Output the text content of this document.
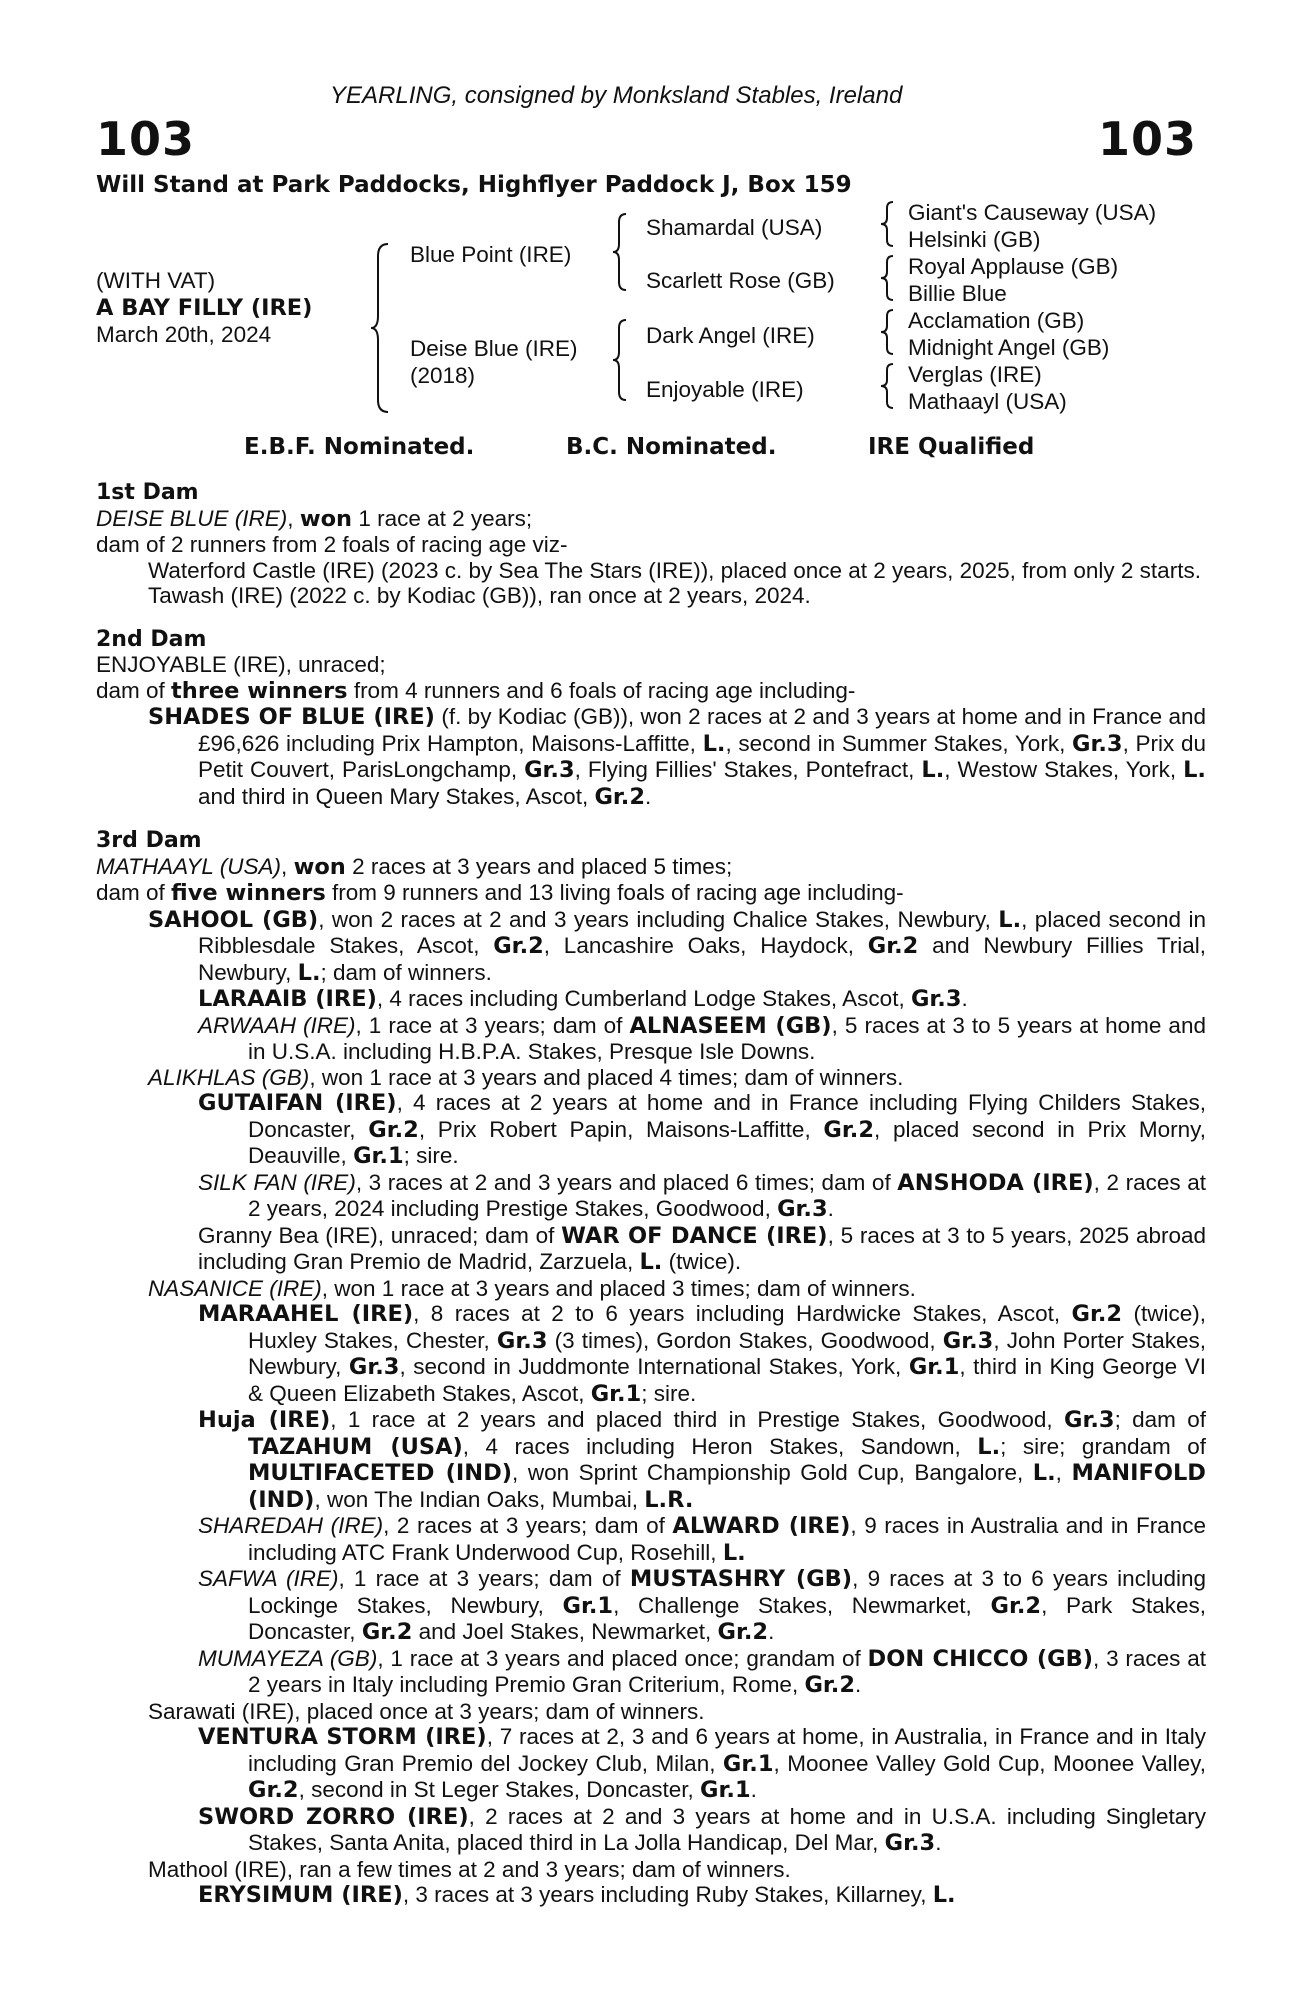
YEARLING, consigned by Monksland Stables, Ireland
103	103
Will Stand at Park Paddocks, Highflyer Paddock J, Box 159
(WITH VAT)
A BAY FILLY (IRE)
March 20th, 2024
Blue Point (IRE)
Deise Blue (IRE)
(2018)
Shamardal (USA)
Scarlett Rose (GB)
Dark Angel (IRE)
Enjoyable (IRE)
Giant's Causeway (USA)
Helsinki (GB)
Royal Applause (GB)
Billie Blue
Acclamation (GB)
Midnight Angel (GB)
Verglas (IRE)
Mathaayl (USA)
E.B.F. Nominated.	B.C. Nominated.	IRE Qualified
1st Dam

DEISE BLUE (IRE), won 1 race at 2 years;

dam of 2 runners from 2 foals of racing age viz-

Waterford Castle (IRE) (2023 c. by Sea The Stars (IRE)), placed once at 2 years, 2025, from only 2 starts.

Tawash (IRE) (2022 c. by Kodiac (GB)), ran once at 2 years, 2024.

2nd Dam

ENJOYABLE (IRE), unraced;

dam of three winners from 4 runners and 6 foals of racing age including-

SHADES OF BLUE (IRE) (f. by Kodiac (GB)), won 2 races at 2 and 3 years at home and in France and £96,626 including Prix Hampton, Maisons-Laffitte, L., second in Summer Stakes, York, Gr.3, Prix du Petit Couvert, ParisLongchamp, Gr.3, Flying Fillies' Stakes, Pontefract, L., Westow Stakes, York, L. and third in Queen Mary Stakes, Ascot, Gr.2.

3rd Dam

MATHAAYL (USA), won 2 races at 3 years and placed 5 times;

dam of five winners from 9 runners and 13 living foals of racing age including-

SAHOOL (GB), won 2 races at 2 and 3 years including Chalice Stakes, Newbury, L., placed second in Ribblesdale Stakes, Ascot, Gr.2, Lancashire Oaks, Haydock, Gr.2 and Newbury Fillies Trial, Newbury, L.; dam of winners.

LARAAIB (IRE), 4 races including Cumberland Lodge Stakes, Ascot, Gr.3.

ARWAAH (IRE), 1 race at 3 years; dam of ALNASEEM (GB), 5 races at 3 to 5 years at home and in U.S.A. including H.B.P.A. Stakes, Presque Isle Downs.

ALIKHLAS (GB), won 1 race at 3 years and placed 4 times; dam of winners.

GUTAIFAN (IRE), 4 races at 2 years at home and in France including Flying Childers Stakes, Doncaster, Gr.2, Prix Robert Papin, Maisons-Laffitte, Gr.2, placed second in Prix Morny, Deauville, Gr.1; sire.

SILK FAN (IRE), 3 races at 2 and 3 years and placed 6 times; dam of ANSHODA (IRE), 2 races at 2 years, 2024 including Prestige Stakes, Goodwood, Gr.3.

Granny Bea (IRE), unraced; dam of WAR OF DANCE (IRE), 5 races at 3 to 5 years, 2025 abroad including Gran Premio de Madrid, Zarzuela, L. (twice).

NASANICE (IRE), won 1 race at 3 years and placed 3 times; dam of winners.

MARAAHEL (IRE), 8 races at 2 to 6 years including Hardwicke Stakes, Ascot, Gr.2 (twice), Huxley Stakes, Chester, Gr.3 (3 times), Gordon Stakes, Goodwood, Gr.3, John Porter Stakes, Newbury, Gr.3, second in Juddmonte International Stakes, York, Gr.1, third in King George VI & Queen Elizabeth Stakes, Ascot, Gr.1; sire.

Huja (IRE), 1 race at 2 years and placed third in Prestige Stakes, Goodwood, Gr.3; dam of TAZAHUM (USA), 4 races including Heron Stakes, Sandown, L.; sire; grandam of MULTIFACETED (IND), won Sprint Championship Gold Cup, Bangalore, L., MANIFOLD (IND), won The Indian Oaks, Mumbai, L.R.

SHAREDAH (IRE), 2 races at 3 years; dam of ALWARD (IRE), 9 races in Australia and in France including ATC Frank Underwood Cup, Rosehill, L.

SAFWA (IRE), 1 race at 3 years; dam of MUSTASHRY (GB), 9 races at 3 to 6 years including Lockinge Stakes, Newbury, Gr.1, Challenge Stakes, Newmarket, Gr.2, Park Stakes, Doncaster, Gr.2 and Joel Stakes, Newmarket, Gr.2.

MUMAYEZA (GB), 1 race at 3 years and placed once; grandam of DON CHICCO (GB), 3 races at 2 years in Italy including Premio Gran Criterium, Rome, Gr.2.

Sarawati (IRE), placed once at 3 years; dam of winners.

VENTURA STORM (IRE), 7 races at 2, 3 and 6 years at home, in Australia, in France and in Italy including Gran Premio del Jockey Club, Milan, Gr.1, Moonee Valley Gold Cup, Moonee Valley, Gr.2, second in St Leger Stakes, Doncaster, Gr.1.

SWORD ZORRO (IRE), 2 races at 2 and 3 years at home and in U.S.A. including Singletary Stakes, Santa Anita, placed third in La Jolla Handicap, Del Mar, Gr.3.

Mathool (IRE), ran a few times at 2 and 3 years; dam of winners.

ERYSIMUM (IRE), 3 races at 3 years including Ruby Stakes, Killarney, L.
